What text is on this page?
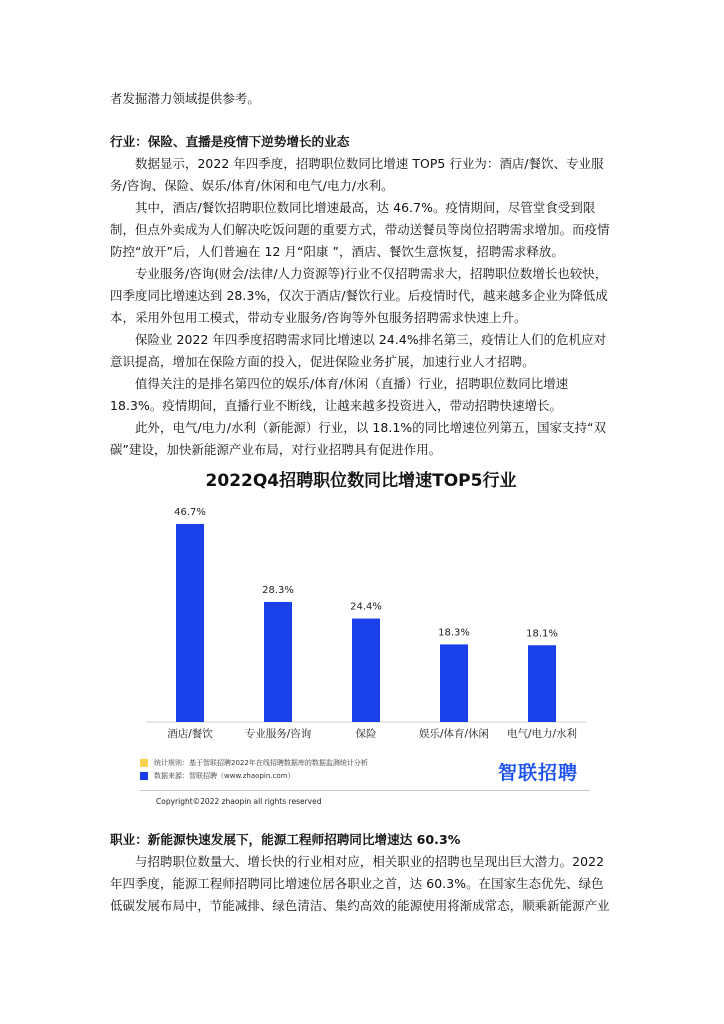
者发掘潜力领域提供参考。

行业：保险、直播是疫情下逆势增长的业态

数据显示，2022 年四季度，招聘职位数同比增速 TOP5 行业为：酒店/餐饮、专业服务/咨询、保险、娱乐/体育/休闲和电气/电力/水利。

其中，酒店/餐饮招聘职位数同比增速最高，达 46.7%。疫情期间，尽管堂食受到限制，但点外卖成为人们解决吃饭问题的重要方式，带动送餐员等岗位招聘需求增加。而疫情防控“放开”后，人们普遍在 12 月“阳康 ”，酒店、餐饮生意恢复，招聘需求释放。

专业服务/咨询(财会/法律/人力资源等)行业不仅招聘需求大，招聘职位数增长也较快，四季度同比增速达到 28.3%，仅次于酒店/餐饮行业。后疫情时代，越来越多企业为降低成本，采用外包用工模式，带动专业服务/咨询等外包服务招聘需求快速上升。

保险业 2022 年四季度招聘需求同比增速以 24.4%排名第三，疫情让人们的危机应对意识提高，增加在保险方面的投入，促进保险业务扩展，加速行业人才招聘。

值得关注的是排名第四位的娱乐/体育/休闲（直播）行业，招聘职位数同比增速 18.3%。疫情期间，直播行业不断线，让越来越多投资进入，带动招聘快速增长。

此外，电气/电力/水利（新能源）行业，以 18.1%的同比增速位列第五，国家支持“双碳”建设，加快新能源产业布局，对行业招聘具有促进作用。

2022Q4招聘职位数同比增速TOP5行业
46.7%
酒店/餐饮
28.3%
专业服务/咨询
24.4%
保险
18.3%
娱乐/体育/休闲
18.1%
电气/电力/水利
统计规则：基于智联招聘2022年在线招聘数据库的数据监测统计分析
数据来源：智联招聘（www.zhaopin.com）	智联招聘
Copyright©2022 zhaopin all rights reserved
职业：新能源快速发展下，能源工程师招聘同比增速达 60.3%

与招聘职位数量大、增长快的行业相对应，相关职业的招聘也呈现出巨大潜力。2022 年四季度，能源工程师招聘同比增速位居各职业之首，达 60.3%。在国家生态优先、绿色低碳发展布局中，节能减排、绿色清洁、集约高效的能源使用将渐成常态，顺乘新能源产业
